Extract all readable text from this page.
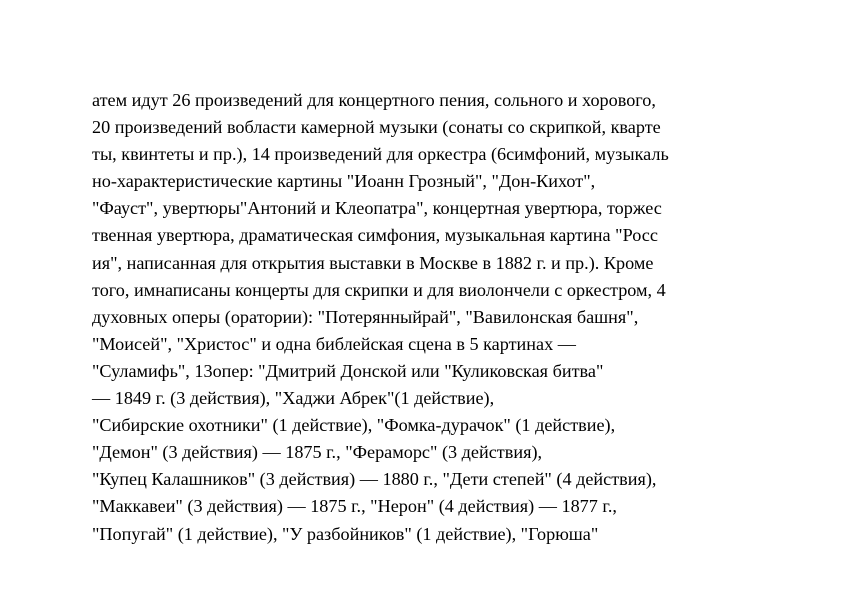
атем идут 26 произведений для концертного пения, сольного и хорового,
20 произведений вобласти камерной музыки (сонаты со скрипкой, кварте
ты, квинтеты и пр.), 14 произведений для оркестра (6симфоний, музыкаль
но-характеристические картины "Иоанн Грозный", "Дон-Кихот",
"Фауст", увертюры"Антоний и Клеопатра", концертная увертюра, торжес
твенная увертюра, драматическая симфония, музыкальная картина "Росс
ия", написанная для открытия выставки в Москве в 1882 г. и пр.). Кроме
того, имнаписаны концерты для скрипки и для виолончели с оркестром, 4
духовных оперы (оратории): "Потерянныйрай", "Вавилонская башня",
"Моисей", "Христос" и одна библейская сцена в 5 картинах —
"Суламифь", 13опер: "Дмитрий Донской или "Куликовская битва"
— 1849 г. (3 действия), "Хаджи Абрек"(1 действие),
"Сибирские охотники" (1 действие), "Фомка-дурачок" (1 действие),
"Демон" (3 действия) — 1875 г., "Фераморс" (3 действия),
"Купец Калашников" (3 действия) — 1880 г., "Дети степей" (4 действия),
"Маккавеи" (3 действия) — 1875 г., "Нерон" (4 действия) — 1877 г.,
"Попугай" (1 действие), "У разбойников" (1 действие), "Горюша"
